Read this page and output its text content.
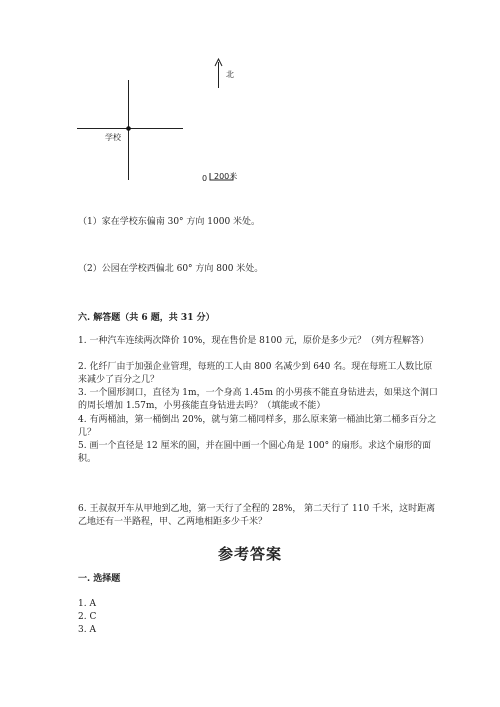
北
学校
0 200米
（1）家在学校东偏南 30° 方向 1000 米处。
（2）公园在学校西偏北 60° 方向 800 米处。
六. 解答题（共 6 题，共 31 分）
1. 一种汽车连续两次降价 10%，现在售价是 8100 元，原价是多少元？（列方程解答）
2. 化纤厂由于加强企业管理，每班的工人由 800 名减少到 640 名。现在每班工人数比原来减少了百分之几？
3. 一个圆形洞口，直径为 1m，一个身高 1.45m 的小男孩不能直身钻进去，如果这个洞口的周长增加 1.57m，小男孩能直身钻进去吗？（填能或不能）
4. 有两桶油，第一桶倒出 20%，就与第二桶同样多，那么原来第一桶油比第二桶多百分之几？
5. 画一个直径是 12 厘米的圆，并在圆中画一个圆心角是 100° 的扇形。求这个扇形的面积。
6. 王叔叔开车从甲地到乙地，第一天行了全程的 28%， 第二天行了 110 千米，这时距离乙地还有一半路程，甲、乙两地相距多少千米？
参考答案
一. 选择题
1. A
2. C
3. A
